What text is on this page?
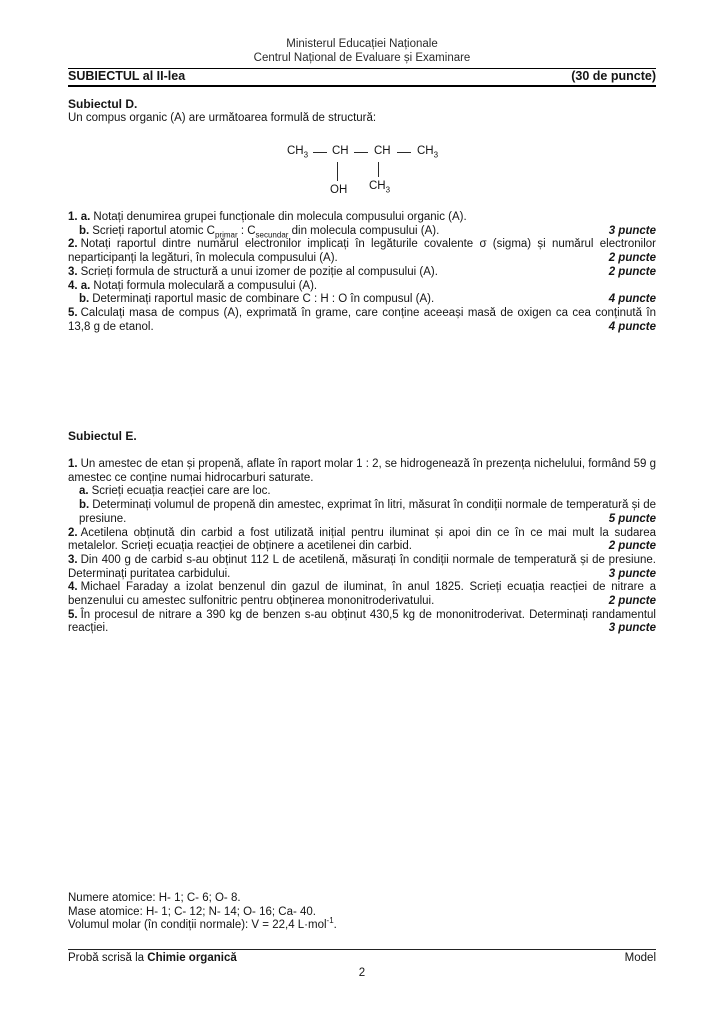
Ministerul Educației Naționale
Centrul Național de Evaluare și Examinare
SUBIECTUL al II-lea	(30 de puncte)
Subiectul D.
Un compus organic (A) are următoarea formulă de structură:
$CH_3$ CH CH $CH_3$
OH $CH_3$

1. a. Notați denumirea grupei funcționale din molecula compusului organic (A).

b. Scrieți raportul atomic $C_{primar}$ : $C_{secundar}$ din molecula compusului (A).	3 puncte

2. Notați raportul dintre numărul electronilor implicați în legăturile covalente σ (sigma) și numărul electronilor neparticipanți la legături, în molecula compusului (A).	2 puncte

3. Scrieți formula de structură a unui izomer de poziție al compusului (A).	2 puncte

4. a. Notați formula moleculară a compusului (A).

b. Determinați raportul masic de combinare C : H : O în compusul (A).	4 puncte

5. Calculați masa de compus (A), exprimată în grame, care conține aceeași masă de oxigen ca cea conținută în 13,8 g de etanol.	4 puncte

Subiectul E.

1. Un amestec de etan și propenă, aflate în raport molar 1 : 2, se hidrogenează în prezența nichelului, formând 59 g amestec ce conține numai hidrocarburi saturate.

a. Scrieți ecuația reacției care are loc.

b. Determinați volumul de propenă din amestec, exprimat în litri, măsurat în condiții normale de temperatură și de presiune.	5 puncte

2. Acetilena obținută din carbid a fost utilizată inițial pentru iluminat și apoi din ce în ce mai mult la sudarea metalelor. Scrieți ecuația reacției de obținere a acetilenei din carbid.	2 puncte

3. Din 400 g de carbid s-au obținut 112 L de acetilenă, măsurați în condiții normale de temperatură și de presiune. Determinați puritatea carbidului.	3 puncte

4. Michael Faraday a izolat benzenul din gazul de iluminat, în anul 1825. Scrieți ecuația reacției de nitrare a benzenului cu amestec sulfonitric pentru obținerea mononitroderivatului.	2 puncte

5. În procesul de nitrare a 390 kg de benzen s-au obținut 430,5 kg de mononitroderivat. Determinați randamentul reacției.	3 puncte

Numere atomice: H- 1; C- 6; O- 8.
Mase atomice: H- 1; C- 12; N- 14; O- 16; Ca- 40.
Volumul molar (în condiții normale): V = 22,4 L·mol$^{-1}$.
Probă scrisă la Chimie organică	Model
2
